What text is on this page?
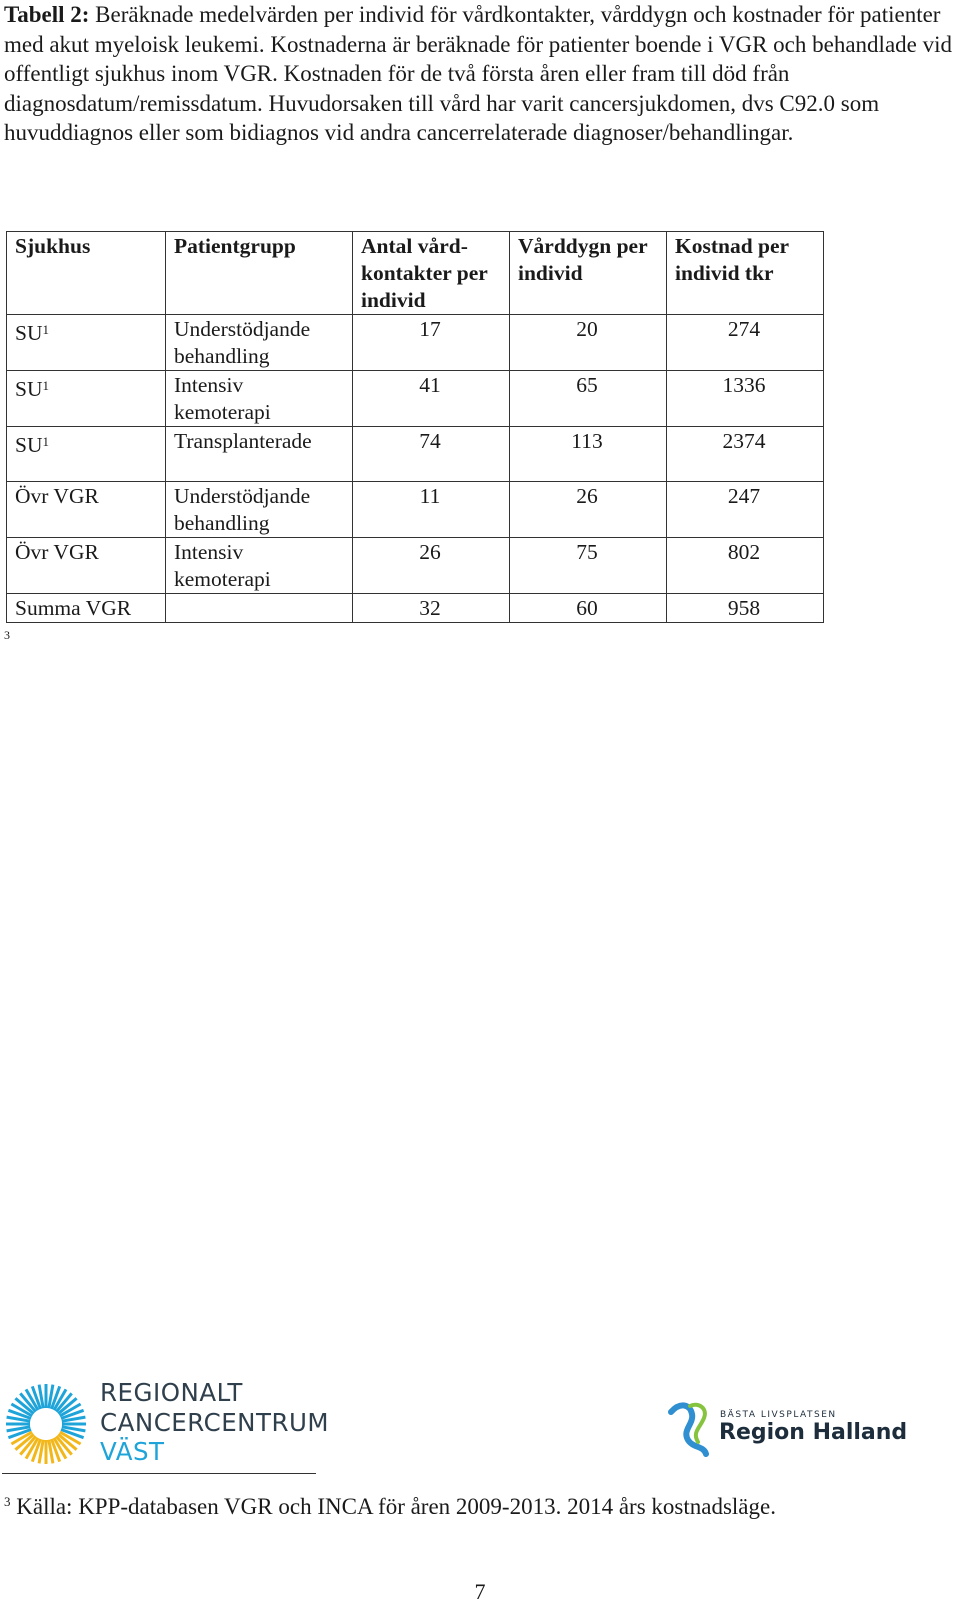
Tabell 2: Beräknade medelvärden per individ för vårdkontakter, vårddygn och kostnader för patienter med akut myeloisk leukemi. Kostnaderna är beräknade för patienter boende i VGR och behandlade vid offentligt sjukhus inom VGR. Kostnaden för de två första åren eller fram till död från diagnosdatum/remissdatum. Huvudorsaken till vård har varit cancersjukdomen, dvs C92.0 som huvuddiagnos eller som bidiagnos vid andra cancerrelaterade diagnoser/behandlingar.

Sjukhus	Patientgrupp	Antal vård-kontakter per individ	Vårddygn per individ	Kostnad per individ tkr
$SU^1$	Understödjande behandling	17	20	274
$SU^1$	Intensiv kemoterapi	41	65	1336
$SU^1$	Transplanterade	74	113	2374
Övr VGR	Understödjande behandling	11	26	247
Övr VGR	Intensiv kemoterapi	26	75	802
Summa VGR		32	60	958
3
REGIONALT
CANCERCENTRUM
VÄST
BÄSTA LIVSPLATSEN
Region Halland

$^3$ Källa: KPP-databasen VGR och INCA för åren 2009-2013. 2014 års kostnadsläge.

7
